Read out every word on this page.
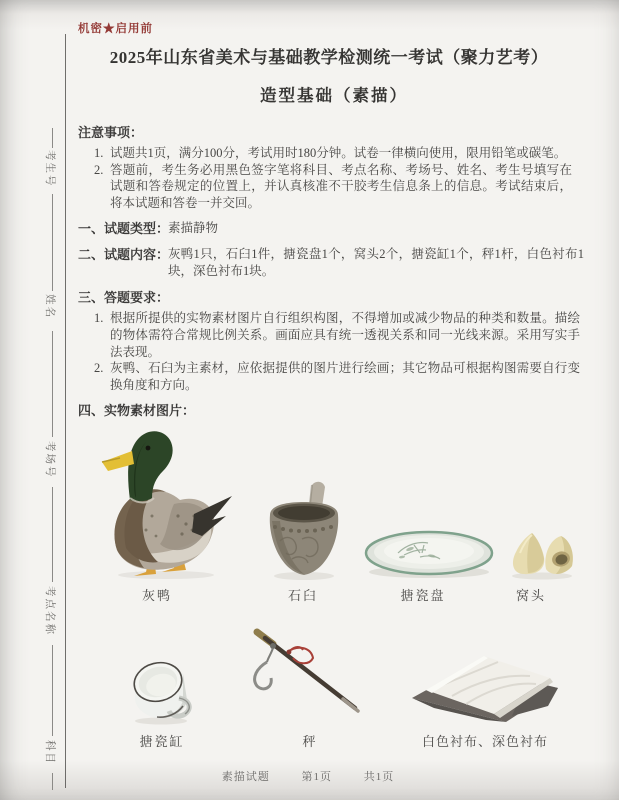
考生号
姓名
考场号
考点名称
科目
机密★启用前
2025年山东省美术与基础教学检测统一考试（聚力艺考）
造型基础（素描）
注意事项：
1. 试题共1页，满分100分，考试用时180分钟。试卷一律横向使用，限用铅笔或碳笔。
2. 答题前，考生务必用黑色签字笔将科目、考点名称、考场号、姓名、考生号填写在试题和答卷规定的位置上，并认真核准不干胶考生信息条上的信息。考试结束后，将本试题和答卷一并交回。
一、试题类型：
素描静物
二、试题内容：
灰鸭1只，石臼1件，搪瓷盘1个，窝头2个，搪瓷缸1个，秤1杆，白色衬布1块，深色衬布1块。
三、答题要求：
1. 根据所提供的实物素材图片自行组织构图，不得增加或减少物品的种类和数量。描绘的物体需符合常规比例关系。画面应具有统一透视关系和同一光线来源。采用写实手法表现。
2. 灰鸭、石臼为主素材，应依据提供的图片进行绘画；其它物品可根据构图需要自行变换角度和方向。
四、实物素材图片：
灰鸭	石臼	搪瓷盘	窝头
搪瓷缸	秤	白色衬布、深色衬布
素描试题	第1页	共1页
